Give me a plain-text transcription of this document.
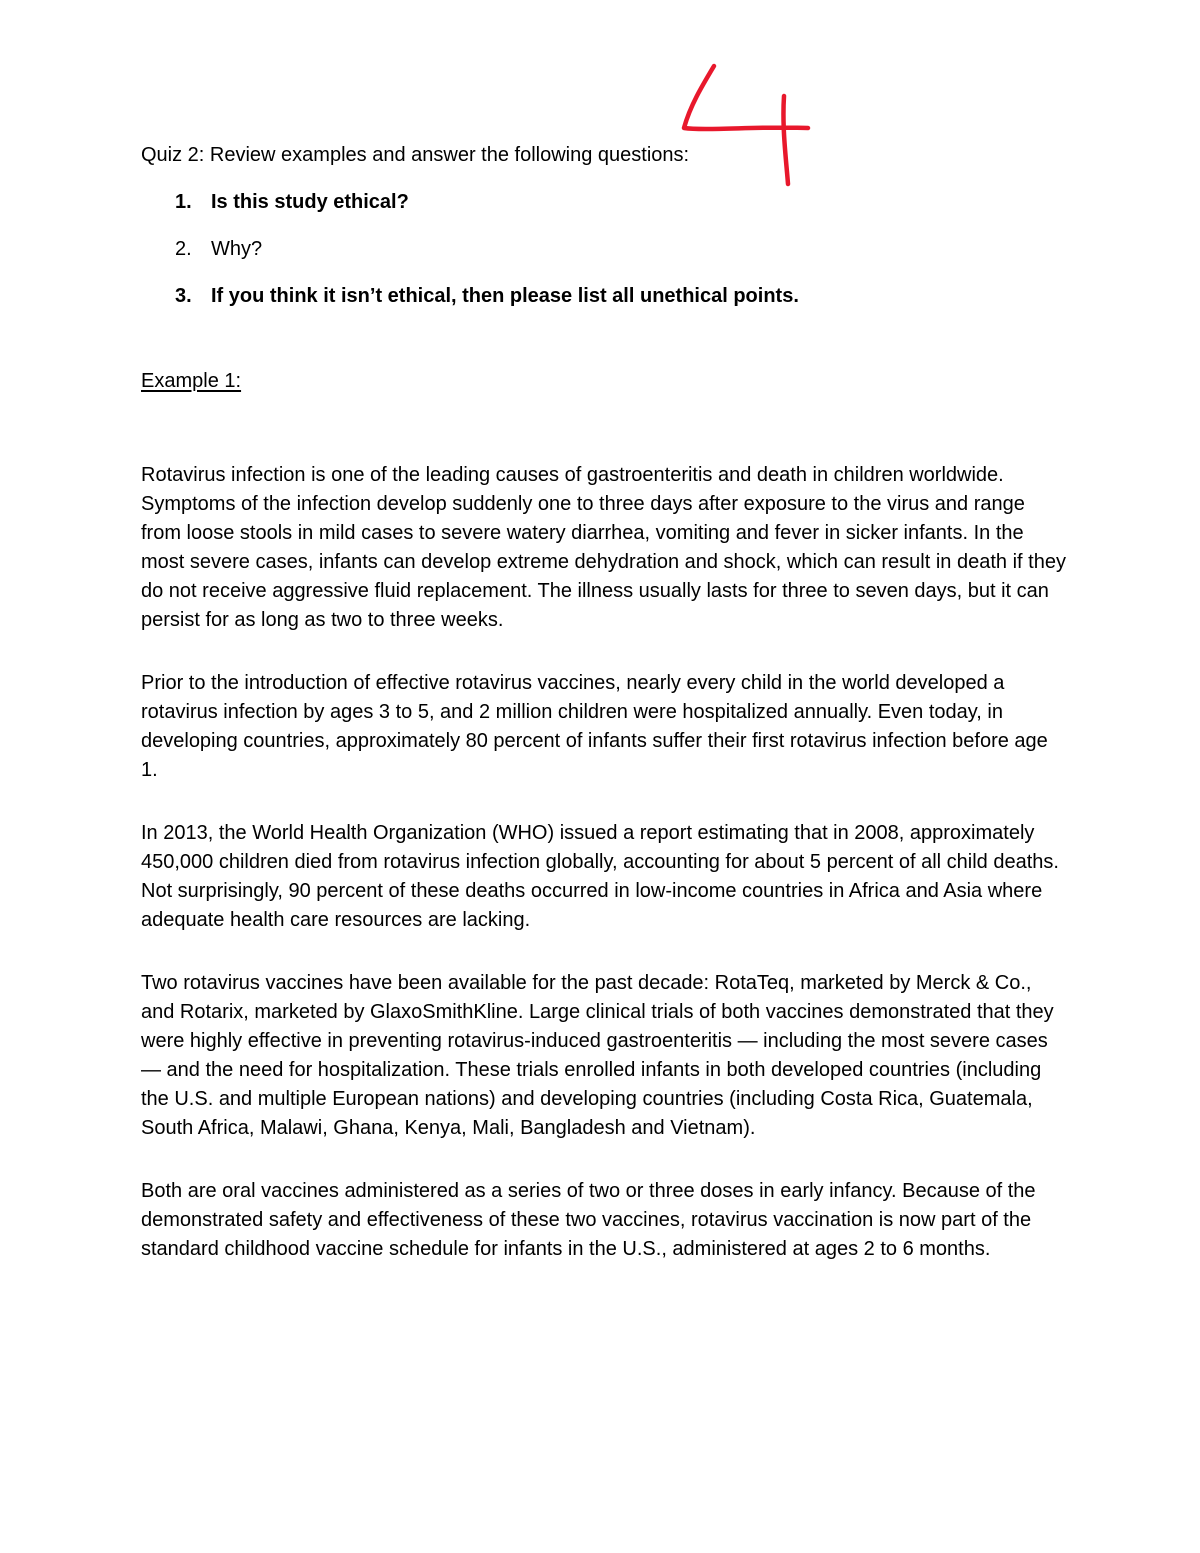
Quiz 2: Review examples and answer the following questions:

1. Is this study ethical?
2. Why?
3. If you think it isn’t ethical, then please list all unethical points.

Example 1:

Rotavirus infection is one of the leading causes of gastroenteritis and death in children worldwide. Symptoms of the infection develop suddenly one to three days after exposure to the virus and range from loose stools in mild cases to severe watery diarrhea, vomiting and fever in sicker infants. In the most severe cases, infants can develop extreme dehydration and shock, which can result in death if they do not receive aggressive fluid replacement. The illness usually lasts for three to seven days, but it can persist for as long as two to three weeks.

Prior to the introduction of effective rotavirus vaccines, nearly every child in the world developed a rotavirus infection by ages 3 to 5, and 2 million children were hospitalized annually. Even today, in developing countries, approximately 80 percent of infants suffer their first rotavirus infection before age 1.

In 2013, the World Health Organization (WHO) issued a report estimating that in 2008, approximately 450,000 children died from rotavirus infection globally, accounting for about 5 percent of all child deaths. Not surprisingly, 90 percent of these deaths occurred in low-income countries in Africa and Asia where adequate health care resources are lacking.

Two rotavirus vaccines have been available for the past decade: RotaTeq, marketed by Merck & Co., and Rotarix, marketed by GlaxoSmithKline. Large clinical trials of both vaccines demonstrated that they were highly effective in preventing rotavirus-induced gastroenteritis — including the most severe cases — and the need for hospitalization. These trials enrolled infants in both developed countries (including the U.S. and multiple European nations) and developing countries (including Costa Rica, Guatemala, South Africa, Malawi, Ghana, Kenya, Mali, Bangladesh and Vietnam).

Both are oral vaccines administered as a series of two or three doses in early infancy. Because of the demonstrated safety and effectiveness of these two vaccines, rotavirus vaccination is now part of the standard childhood vaccine schedule for infants in the U.S., administered at ages 2 to 6 months.
